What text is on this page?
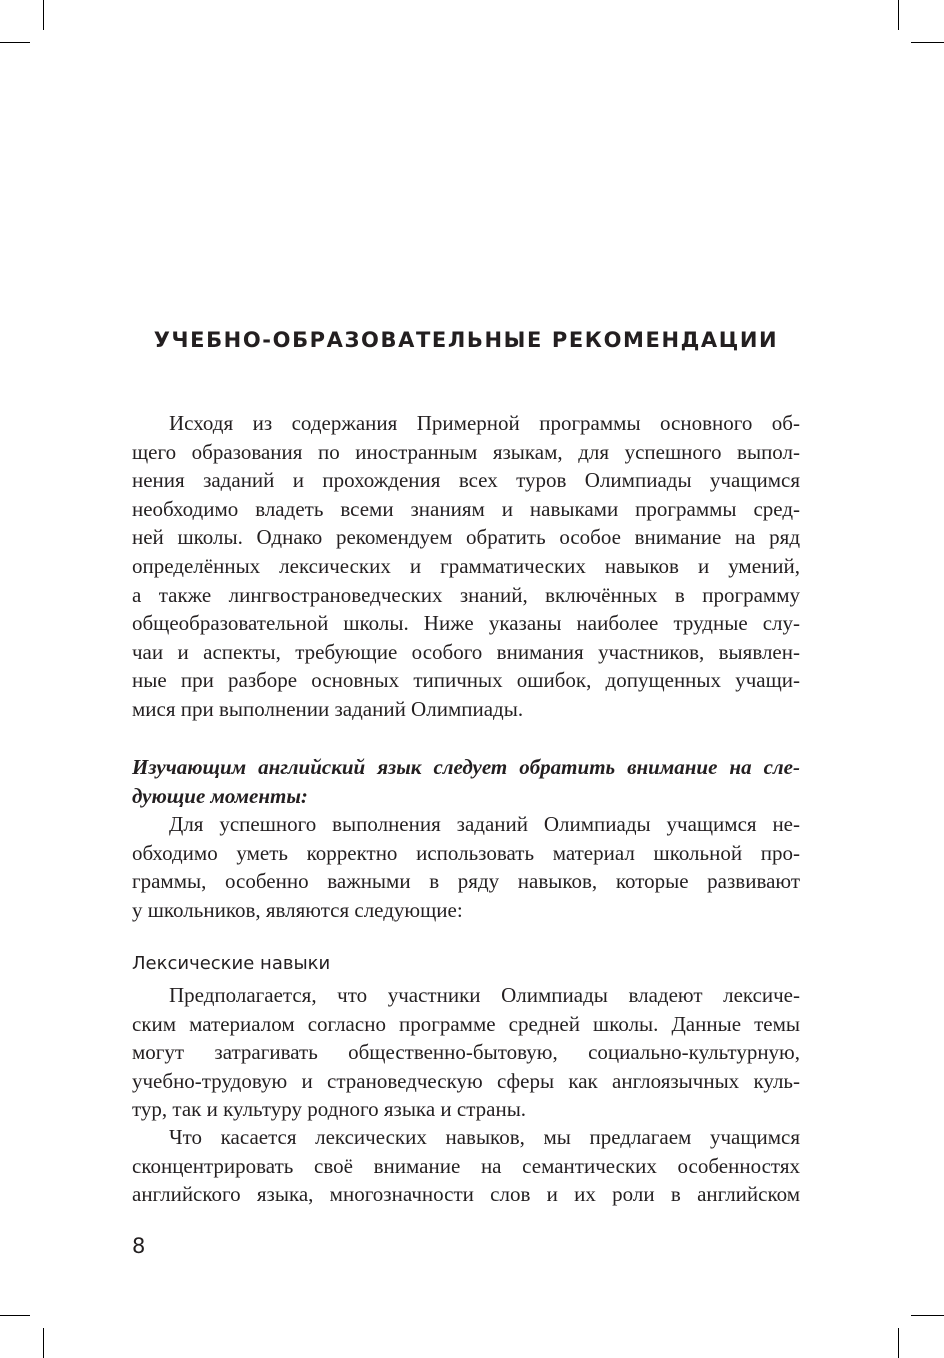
УЧЕБНО-ОБРАЗОВАТЕЛЬНЫЕ РЕКОМЕНДАЦИИ
Исходя из содержания Примерной программы основного об-
щего образования по иностранным языкам, для успешного выпол-
нения заданий и прохождения всех туров Олимпиады учащимся
необходимо владеть всеми знаниям и навыками программы сред-
ней школы. Однако рекомендуем обратить особое внимание на ряд
определённых лексических и грамматических навыков и умений,
а также лингвострановедческих знаний, включённых в программу
общеобразовательной школы. Ниже указаны наиболее трудные слу-
чаи и аспекты, требующие особого внимания участников, выявлен-
ные при разборе основных типичных ошибок, допущенных учащи-
мися при выполнении заданий Олимпиады.
Изучающим английский язык следует обратить внимание на сле-
дующие моменты:
Для успешного выполнения заданий Олимпиады учащимся не-
обходимо уметь корректно использовать материал школьной про-
граммы, особенно важными в ряду навыков, которые развивают
у школьников, являются следующие:
Лексические навыки
Предполагается, что участники Олимпиады владеют лексиче-
ским материалом согласно программе средней школы. Данные темы
могут затрагивать общественно-бытовую, социально-культурную,
учебно-трудовую и страноведческую сферы как англоязычных куль-
тур, так и культуру родного языка и страны.
Что касается лексических навыков, мы предлагаем учащимся
сконцентрировать своё внимание на семантических особенностях
английского языка, многозначности слов и их роли в английском
8
